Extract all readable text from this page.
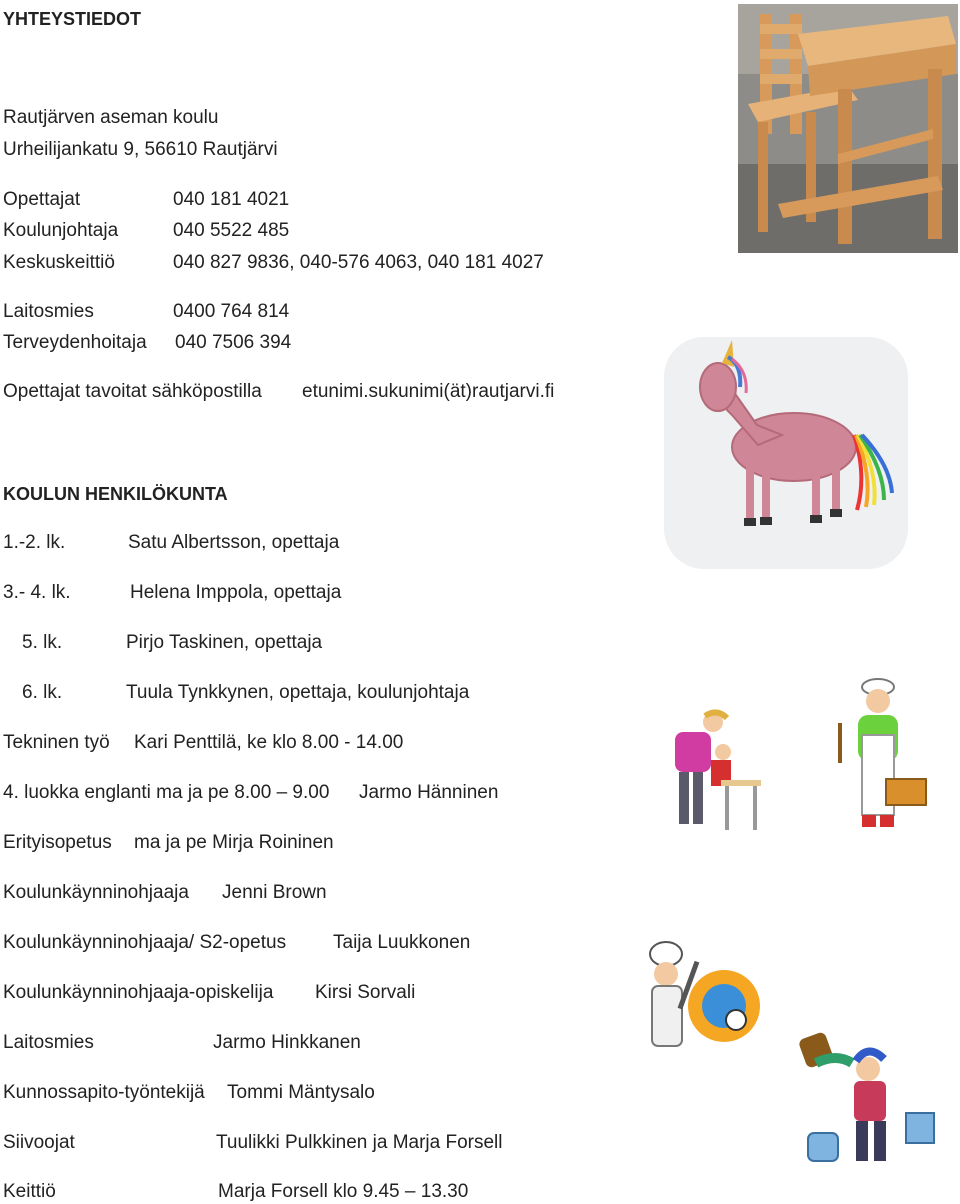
YHTEYSTIEDOT
Rautjärven aseman koulu
Urheilijankatu 9, 56610 Rautjärvi
Opettajat	040 181 4021
Koulunjohtaja	040 5522 485
Keskuskeittiö	040 827 9836, 040-576 4063, 040 181 4027
Laitosmies	0400 764 814
Terveydenhoitaja 040 7506 394
Opettajat tavoitat sähköpostilla etunimi.sukunimi(ät)rautjarvi.fi
KOULUN HENKILÖKUNTA
1.-2. lk.	Satu Albertsson, opettaja
3.- 4. lk.	Helena Imppola, opettaja
5. lk.	Pirjo Taskinen, opettaja
6. lk.	Tuula Tynkkynen, opettaja, koulunjohtaja
Tekninen työ Kari Penttilä, ke klo 8.00 - 14.00
4. luokka englanti ma ja pe 8.00 – 9.00 Jarmo Hänninen
Erityisopetus ma ja pe Mirja Roininen
Koulunkäynninohjaaja Jenni Brown
Koulunkäynninohjaaja/ S2-opetus Taija Luukkonen
Koulunkäynninohjaaja-opiskelija Kirsi Sorvali
Laitosmies	Jarmo Hinkkanen
Kunnossapito-työntekijä Tommi Mäntysalo
Siivoojat	Tuulikki Pulkkinen ja Marja Forsell
Keittiö	Marja Forsell klo 9.45 – 13.30
